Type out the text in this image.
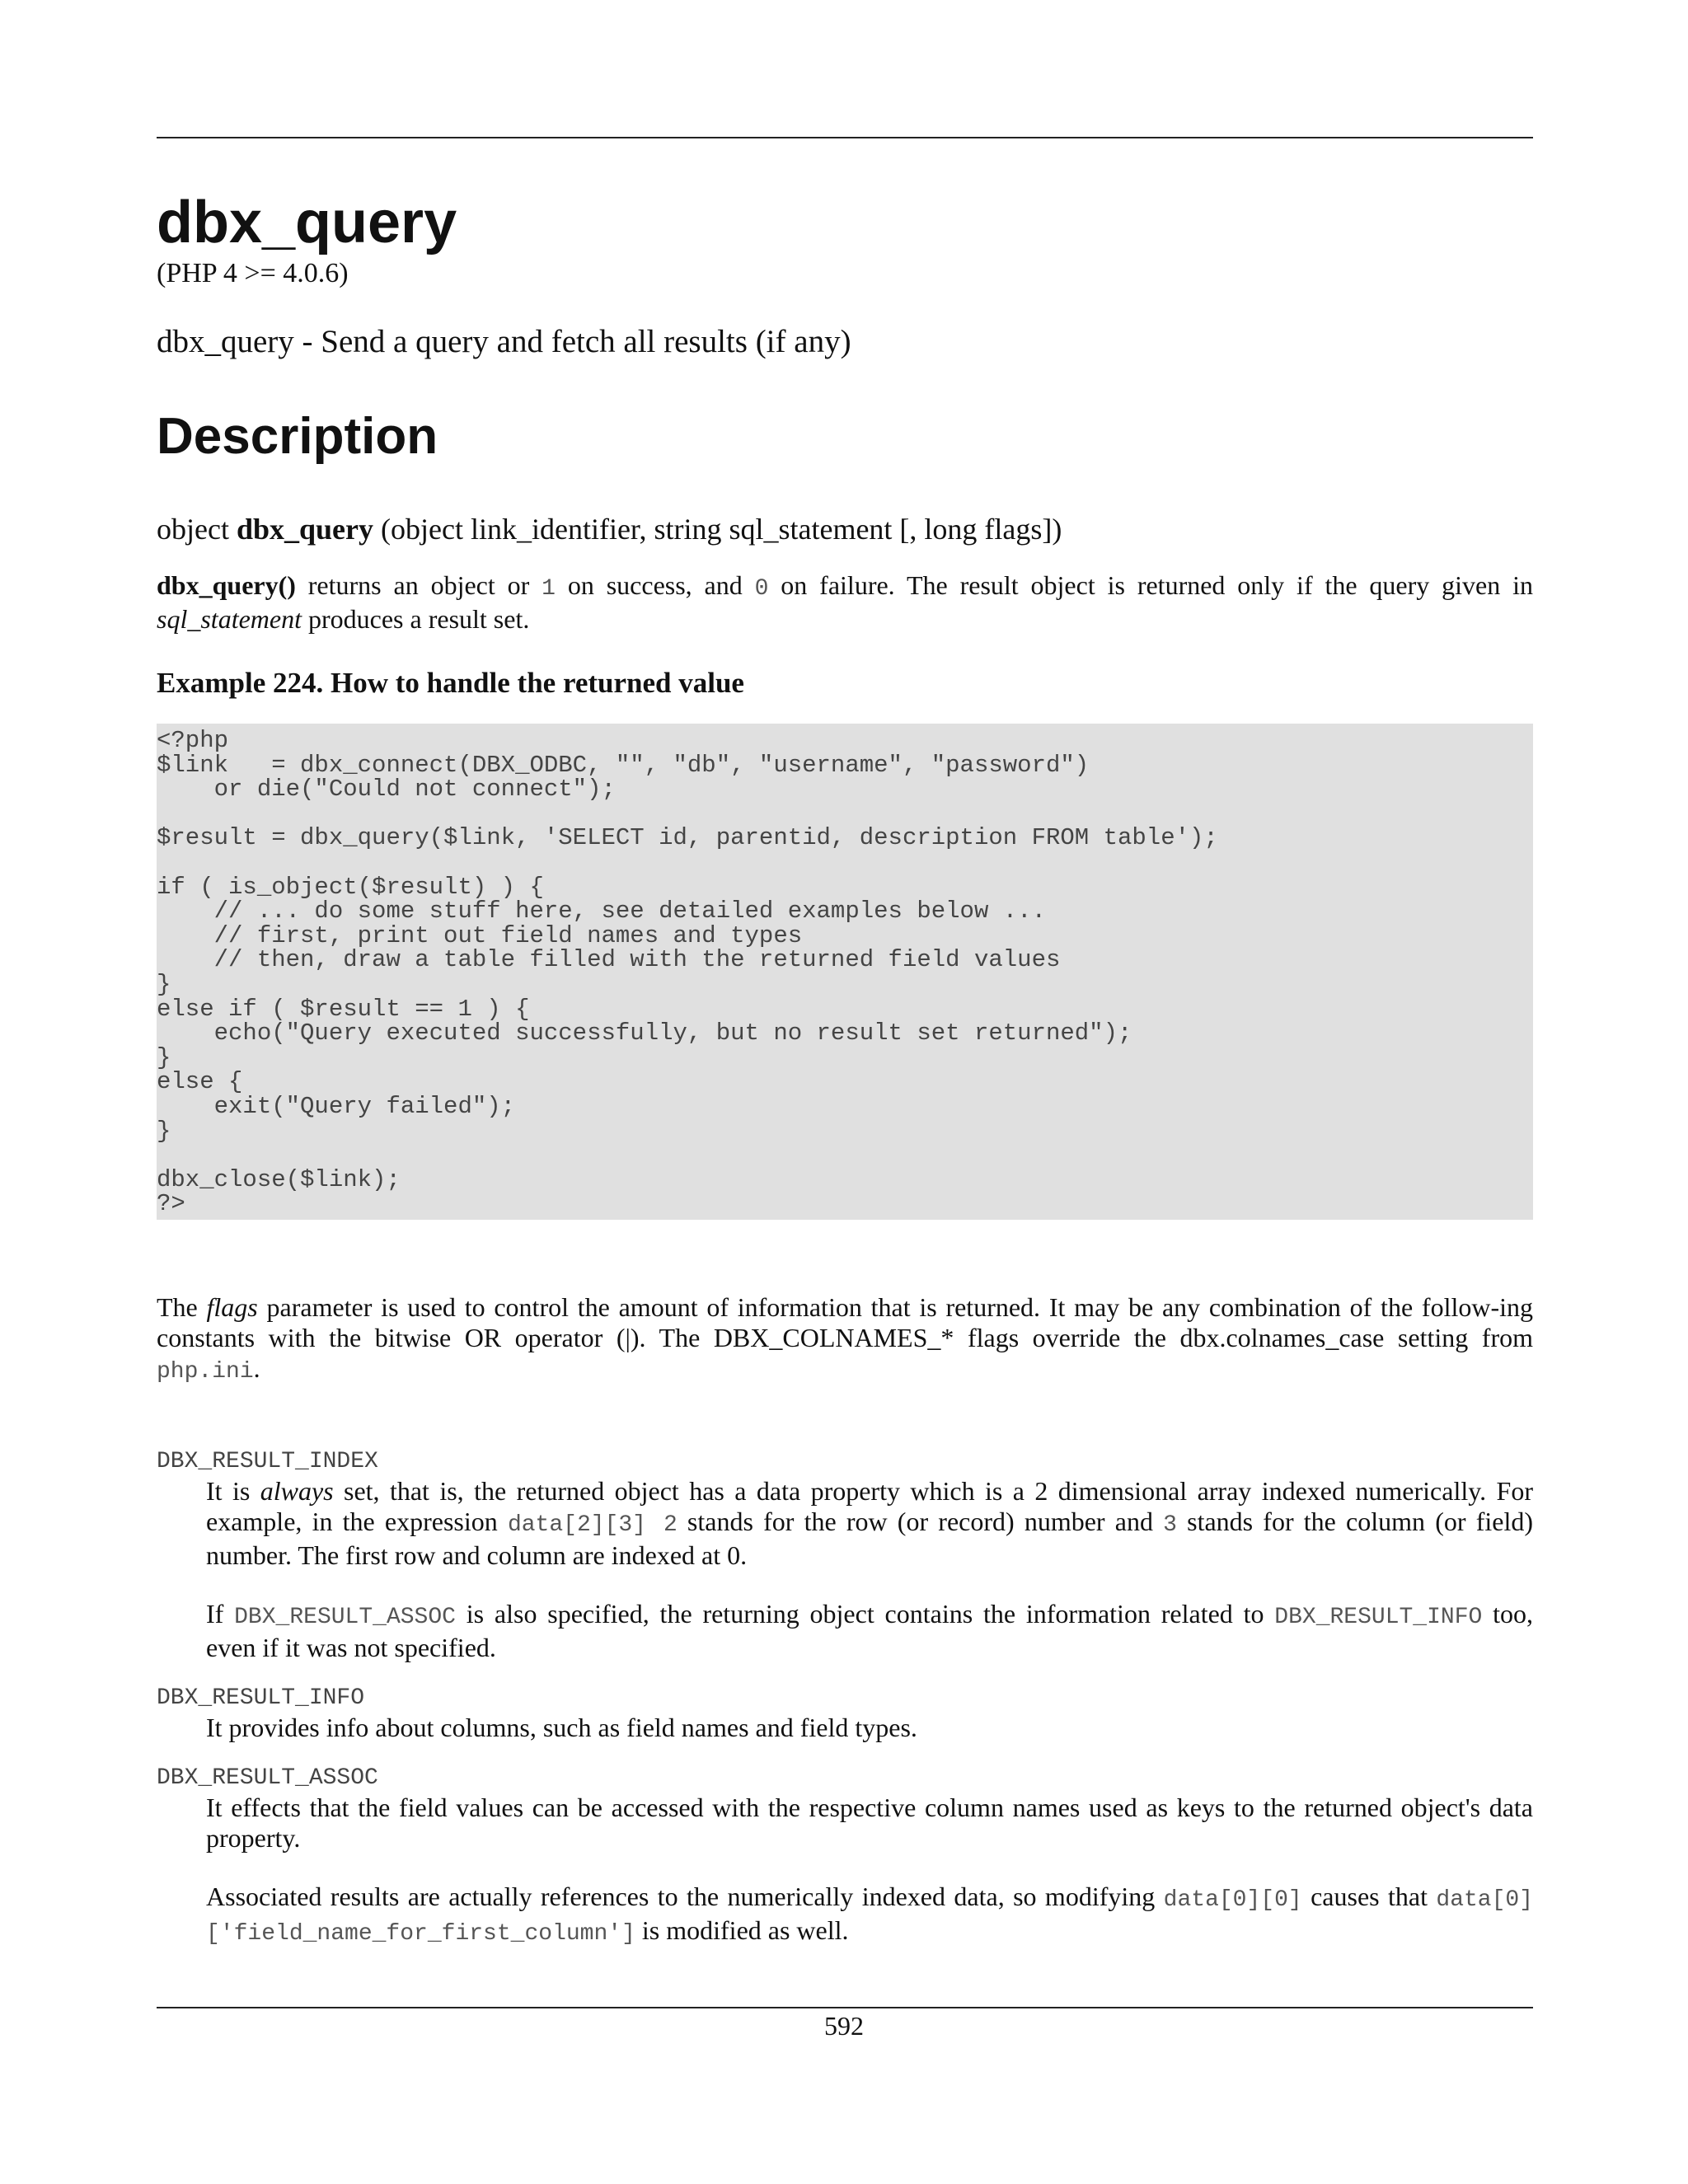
dbx_query
(PHP 4 >= 4.0.6)
dbx_query - Send a query and fetch all results (if any)
Description
object dbx_query (object link_identifier, string sql_statement [, long flags])
dbx_query() returns an object or 1 on success, and 0 on failure. The result object is returned only if the query given in sql_statement produces a result set.
Example 224. How to handle the returned value
<?php
$link   = dbx_connect(DBX_ODBC, "", "db", "username", "password")
or die("Could not connect");

$result = dbx_query($link, 'SELECT id, parentid, description FROM table');

if ( is_object($result) ) {
// ... do some stuff here, see detailed examples below ...
// first, print out field names and types
// then, draw a table filled with the returned field values
}
else if ( $result == 1 ) {
echo("Query executed successfully, but no result set returned");
}
else {
exit("Query failed");
}

dbx_close($link);
?>
The flags parameter is used to control the amount of information that is returned. It may be any combination of the follow-ing constants with the bitwise OR operator (|). The DBX_COLNAMES_* flags override the dbx.colnames_case setting from php.ini.
DBX_RESULT_INDEX
It is always set, that is, the returned object has a data property which is a 2 dimensional array indexed numerically. For example, in the expression data[2][3] 2 stands for the row (or record) number and 3 stands for the column (or field) number. The first row and column are indexed at 0.
If DBX_RESULT_ASSOC is also specified, the returning object contains the information related to DBX_RESULT_INFO too, even if it was not specified.
DBX_RESULT_INFO
It provides info about columns, such as field names and field types.
DBX_RESULT_ASSOC
It effects that the field values can be accessed with the respective column names used as keys to the returned object's data property.
Associated results are actually references to the numerically indexed data, so modifying data[0][0] causes that data[0]['field_name_for_first_column'] is modified as well.
592
